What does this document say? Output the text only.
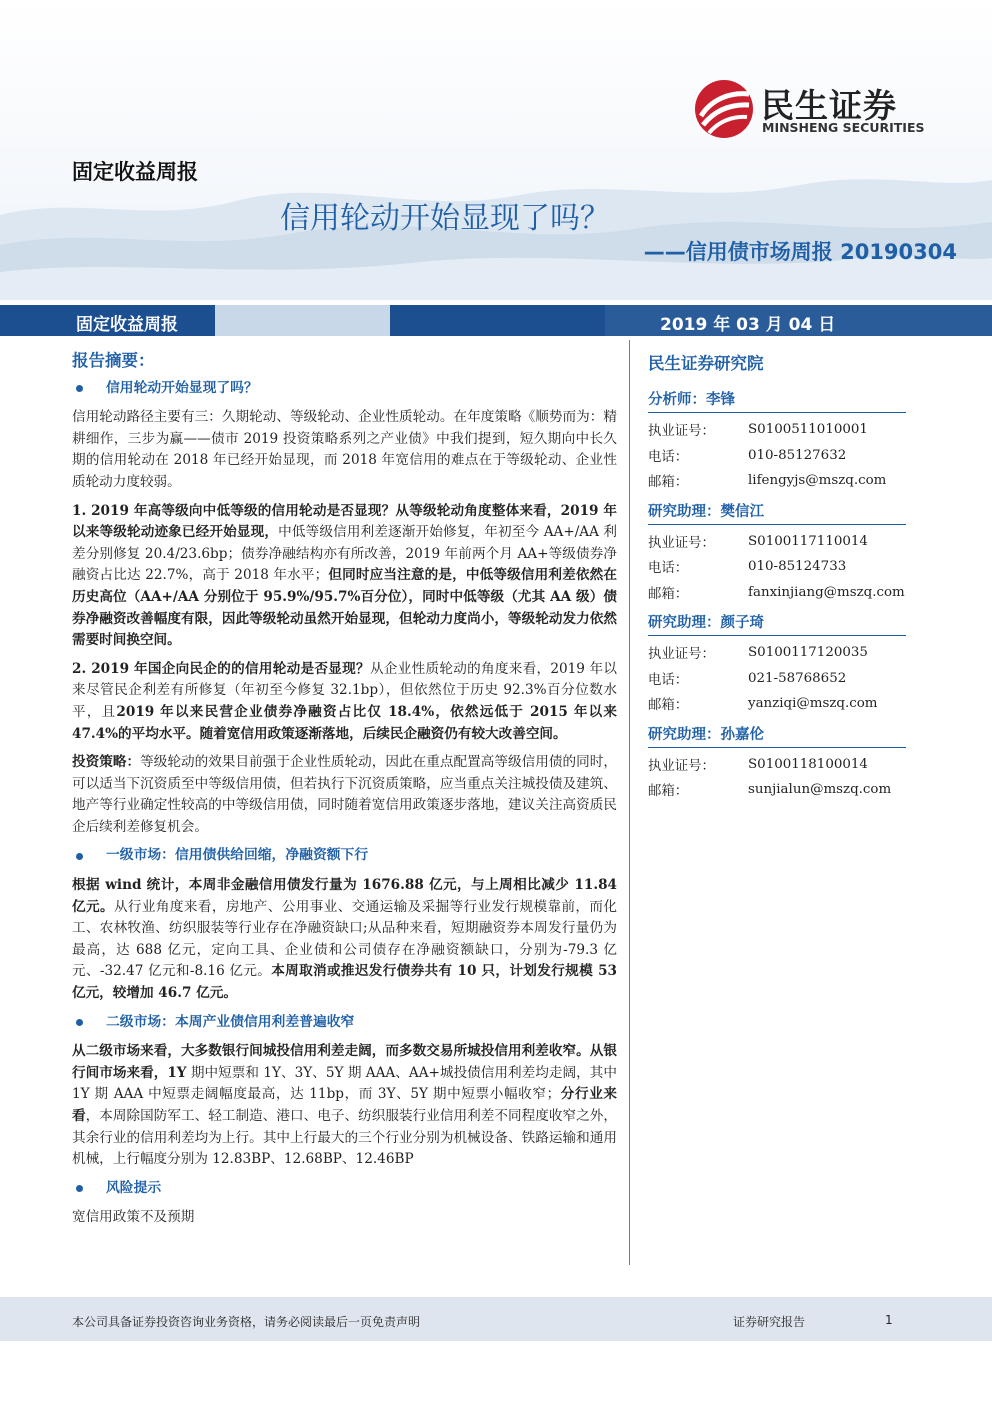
民生证券
MINSHENG SECURITIES
固定收益周报
信用轮动开始显现了吗？
——信用债市场周报 20190304
固定收益周报	2019 年 03 月 04 日
报告摘要：
信用轮动开始显现了吗？
信用轮动路径主要有三：久期轮动、等级轮动、企业性质轮动。在年度策略《顺势而为：精耕细作，三步为赢——债市 2019 投资策略系列之产业债》中我们提到，短久期向中长久期的信用轮动在 2018 年已经开始显现，而 2018 年宽信用的难点在于等级轮动、企业性质轮动力度较弱。
1. 2019 年高等级向中低等级的信用轮动是否显现？从等级轮动角度整体来看，2019 年以来等级轮动迹象已经开始显现，中低等级信用利差逐渐开始修复，年初至今 AA+/AA 利差分别修复 20.4/23.6bp；债券净融结构亦有所改善，2019 年前两个月 AA+等级债券净融资占比达 22.7%，高于 2018 年水平；但同时应当注意的是，中低等级信用利差依然在历史高位（AA+/AA 分别位于 95.9%/95.7%百分位），同时中低等级（尤其 AA 级）债券净融资改善幅度有限，因此等级轮动虽然开始显现，但轮动力度尚小，等级轮动发力依然需要时间换空间。
2. 2019 年国企向民企的的信用轮动是否显现？从企业性质轮动的角度来看，2019 年以来尽管民企利差有所修复（年初至今修复 32.1bp），但依然位于历史 92.3%百分位数水平，且2019 年以来民营企业债券净融资占比仅 18.4%，依然远低于 2015 年以来 47.4%的平均水平。随着宽信用政策逐渐落地，后续民企融资仍有较大改善空间。
投资策略：等级轮动的效果目前强于企业性质轮动，因此在重点配置高等级信用债的同时，可以适当下沉资质至中等级信用债，但若执行下沉资质策略，应当重点关注城投债及建筑、地产等行业确定性较高的中等级信用债，同时随着宽信用政策逐步落地，建议关注高资质民企后续利差修复机会。
一级市场：信用债供给回缩，净融资额下行
根据 wind 统计，本周非金融信用债发行量为 1676.88 亿元，与上周相比减少 11.84 亿元。从行业角度来看，房地产、公用事业、交通运输及采掘等行业发行规模靠前，而化工、农林牧渔、纺织服装等行业存在净融资缺口;从品种来看，短期融资券本周发行量仍为最高，达 688 亿元，定向工具、企业债和公司债存在净融资额缺口，分别为-79.3 亿元、-32.47 亿元和-8.16 亿元。本周取消或推迟发行债券共有 10 只，计划发行规模 53 亿元，较增加 46.7 亿元。
二级市场：本周产业债信用利差普遍收窄
从二级市场来看，大多数银行间城投信用利差走阔，而多数交易所城投信用利差收窄。从银行间市场来看，1Y 期中短票和 1Y、3Y、5Y 期 AAA、AA+城投债信用利差均走阔，其中 1Y 期 AAA 中短票走阔幅度最高，达 11bp，而 3Y、5Y 期中短票小幅收窄；分行业来看，本周除国防军工、轻工制造、港口、电子、纺织服装行业信用利差不同程度收窄之外，其余行业的信用利差均为上行。其中上行最大的三个行业分别为机械设备、铁路运输和通用机械，上行幅度分别为 12.83BP、12.68BP、12.46BP
风险提示
宽信用政策不及预期
民生证券研究院
分析师：李锋
执业证号：	S0100511010001
电话：	010-85127632
邮箱：	lifengyjs@mszq.com
研究助理：樊信江
执业证号：	S0100117110014
电话：	010-85124733
邮箱：	fanxinjiang@mszq.com
研究助理：颜子琦
执业证号：	S0100117120035
电话：	021-58768652
邮箱：	yanziqi@mszq.com
研究助理：孙嘉伦
执业证号：	S0100118100014
邮箱：	sunjialun@mszq.com
本公司具备证券投资咨询业务资格，请务必阅读最后一页免责声明	证券研究报告	1
